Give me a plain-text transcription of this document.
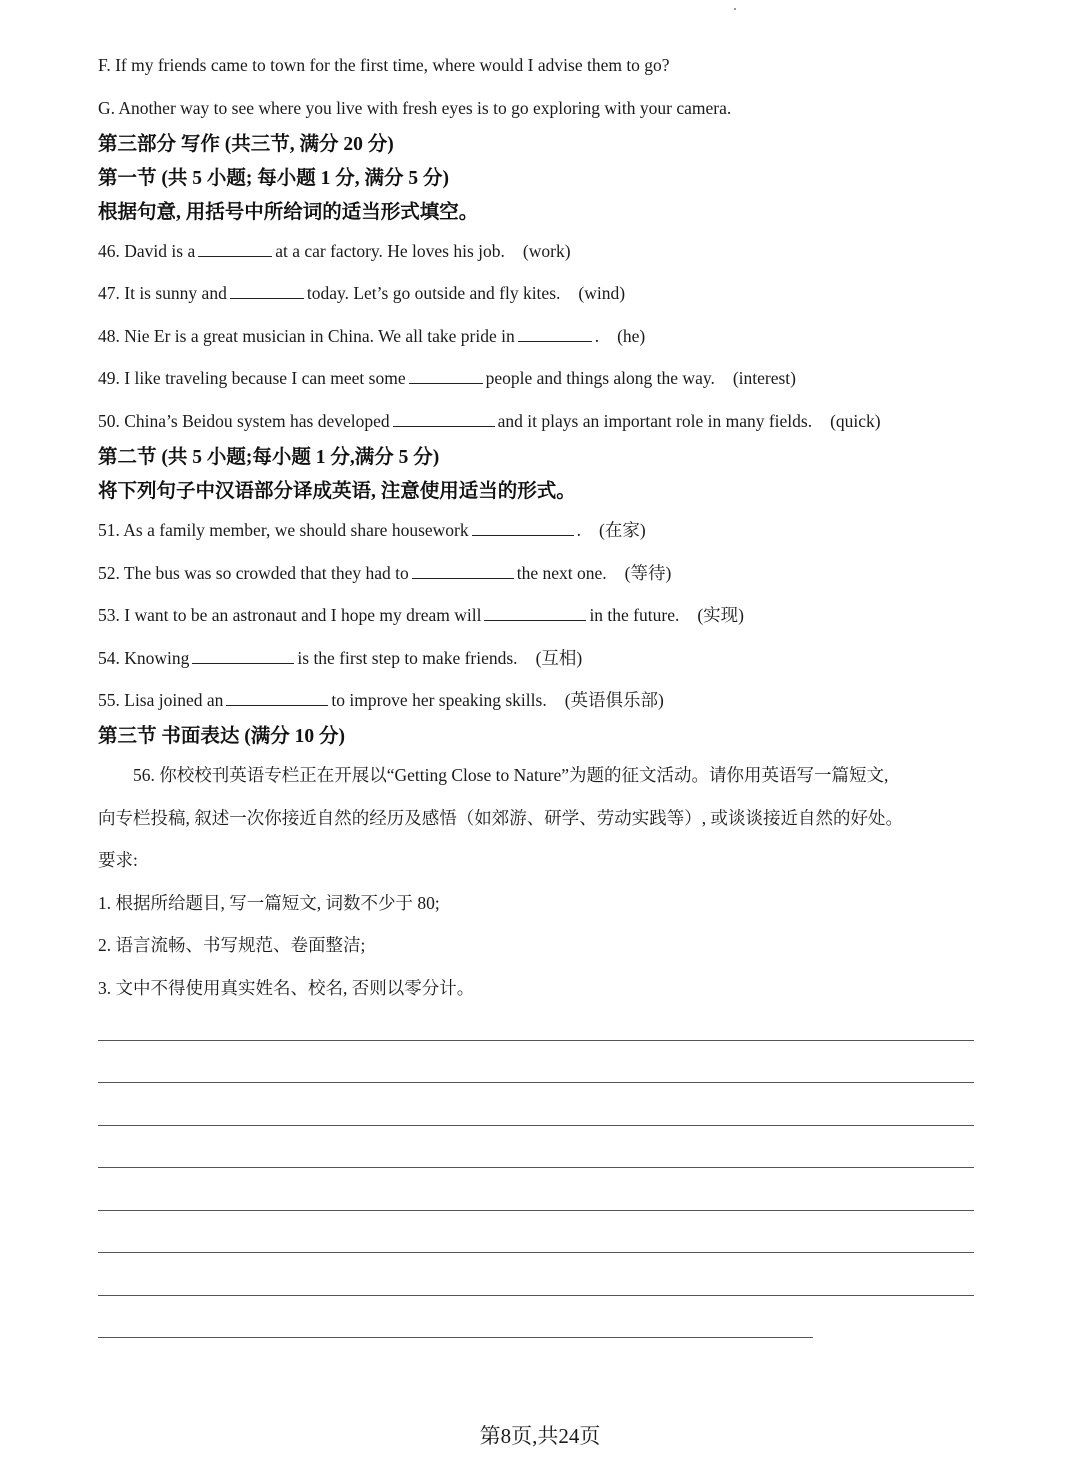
F. If my friends came to town for the first time, where would I advise them to go?
G. Another way to see where you live with fresh eyes is to go exploring with your camera.
第三部分 写作 (共三节, 满分 20 分)
第一节 (共 5 小题; 每小题 1 分, 满分 5 分)
根据句意, 用括号中所给词的适当形式填空。
46. David is a	at a car factory. He loves his job. (work)
47. It is sunny and	today. Let’s go outside and fly kites. (wind)
48. Nie Er is a great musician in China. We all take pride in	. (he)
49. I like traveling because I can meet some	people and things along the way. (interest)
50. China’s Beidou system has developed	and it plays an important role in many fields. (quick)
第二节 (共 5 小题;每小题 1 分,满分 5 分)
将下列句子中汉语部分译成英语, 注意使用适当的形式。
51. As a family member, we should share housework	. (在家)
52. The bus was so crowded that they had to	the next one. (等待)
53. I want to be an astronaut and I hope my dream will	in the future. (实现)
54. Knowing	is the first step to make friends. (互相)
55. Lisa joined an	to improve her speaking skills. (英语俱乐部)
第三节 书面表达 (满分 10 分)
56. 你校校刊英语专栏正在开展以“Getting Close to Nature”为题的征文活动。请你用英语写一篇短文,
向专栏投稿, 叙述一次你接近自然的经历及感悟（如郊游、研学、劳动实践等）, 或谈谈接近自然的好处。
要求:
1. 根据所给题目, 写一篇短文, 词数不少于 80;
2. 语言流畅、书写规范、卷面整洁;
3. 文中不得使用真实姓名、校名, 否则以零分计。
第8页,共24页
